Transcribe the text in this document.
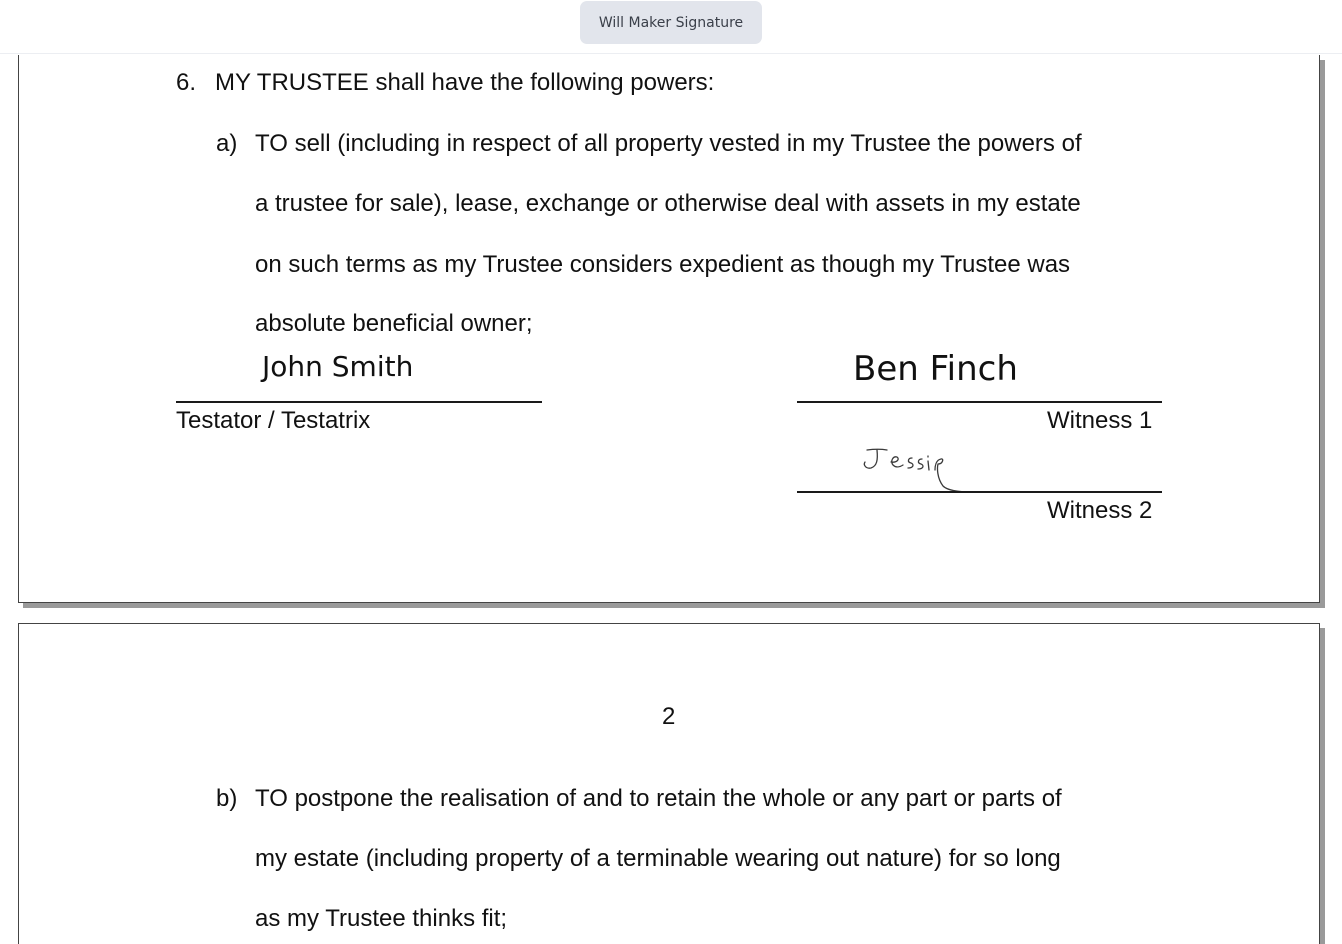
Will Maker Signature
6. MY TRUSTEE shall have the following powers:
a) TO sell (including in respect of all property vested in my Trustee the powers of
a trustee for sale), lease, exchange or otherwise deal with assets in my estate
on such terms as my Trustee considers expedient as though my Trustee was
absolute beneficial owner;
John Smith
Testator / Testatrix
Ben Finch
Witness 1
Witness 2
2
b) TO postpone the realisation of and to retain the whole or any part or parts of
my estate (including property of a terminable wearing out nature) for so long
as my Trustee thinks fit;
